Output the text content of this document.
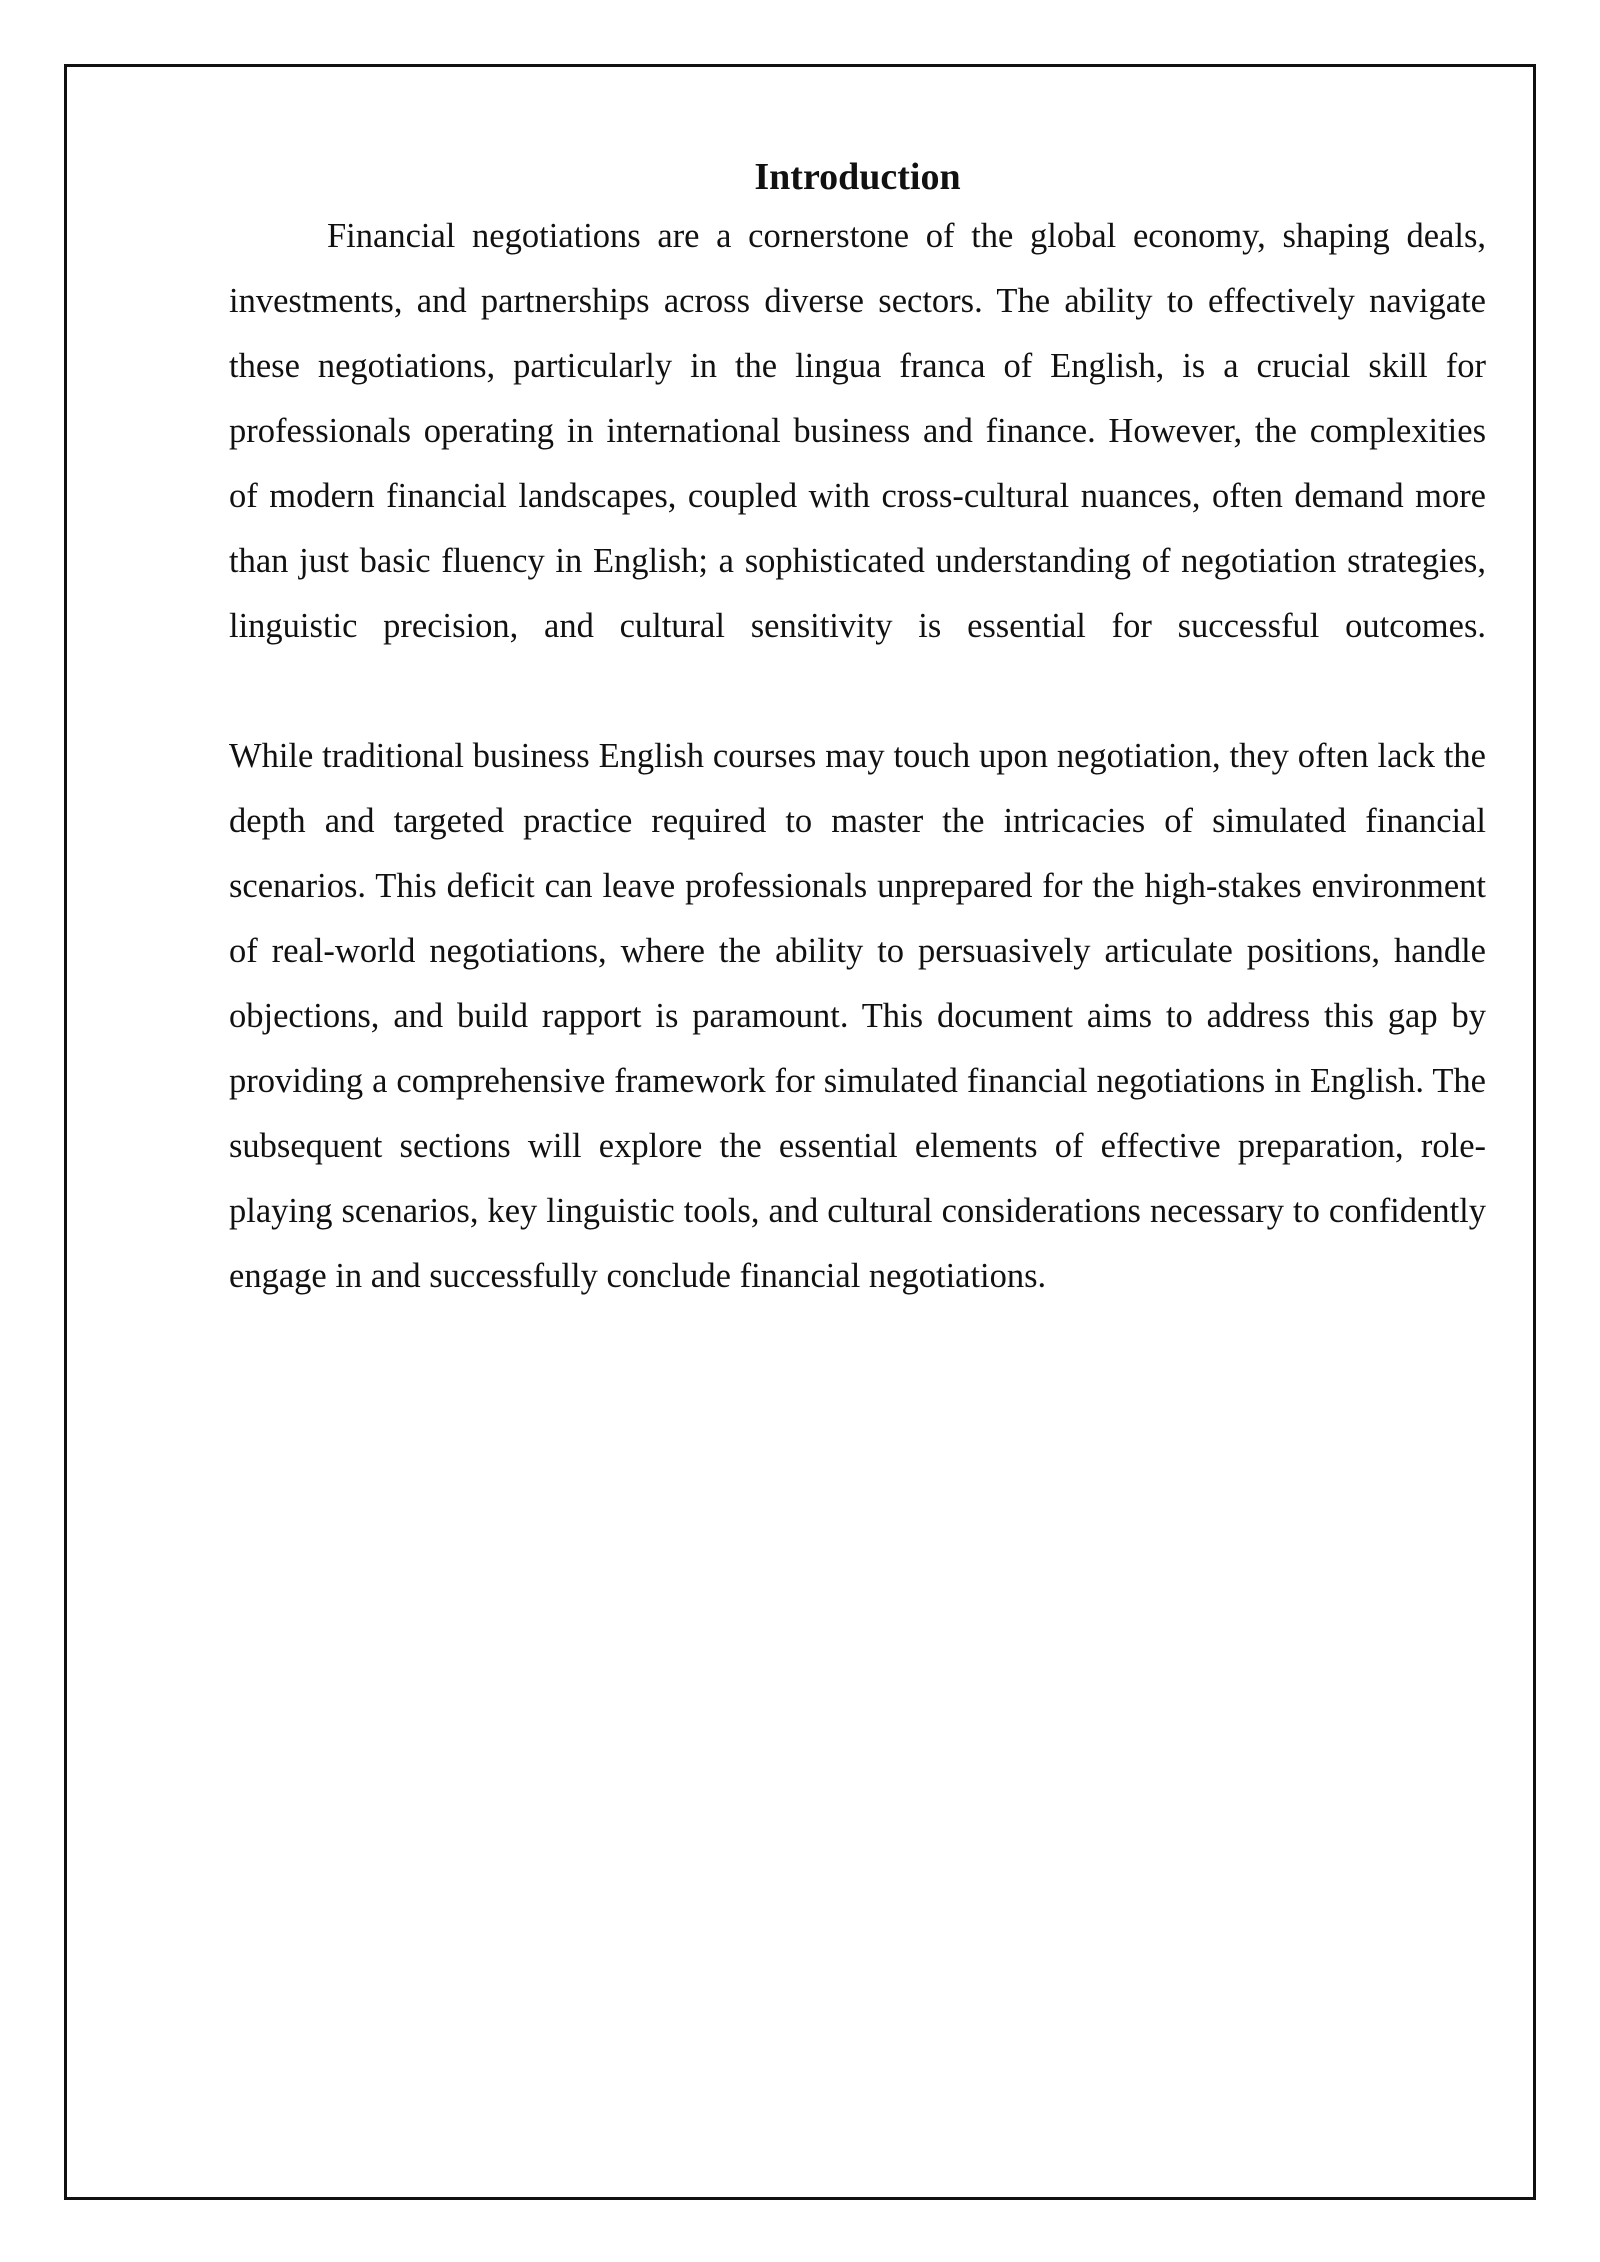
Introduction

Financial negotiations are a cornerstone of the global economy, shaping deals, investments, and partnerships across diverse sectors. The ability to effectively navigate these negotiations, particularly in the lingua franca of English, is a crucial skill for professionals operating in international business and finance. However, the complexities of modern financial landscapes, coupled with cross-cultural nuances, often demand more than just basic fluency in English; a sophisticated understanding of negotiation strategies, linguistic precision, and cultural sensitivity is essential for successful outcomes.

While traditional business English courses may touch upon negotiation, they often lack the depth and targeted practice required to master the intricacies of simulated financial scenarios. This deficit can leave professionals unprepared for the high-stakes environment of real-world negotiations, where the ability to persuasively articulate positions, handle objections, and build rapport is paramount. This document aims to address this gap by providing a comprehensive framework for simulated financial negotiations in English. The subsequent sections will explore the essential elements of effective preparation, role-playing scenarios, key linguistic tools, and cultural considerations necessary to confidently engage in and successfully conclude financial negotiations.
